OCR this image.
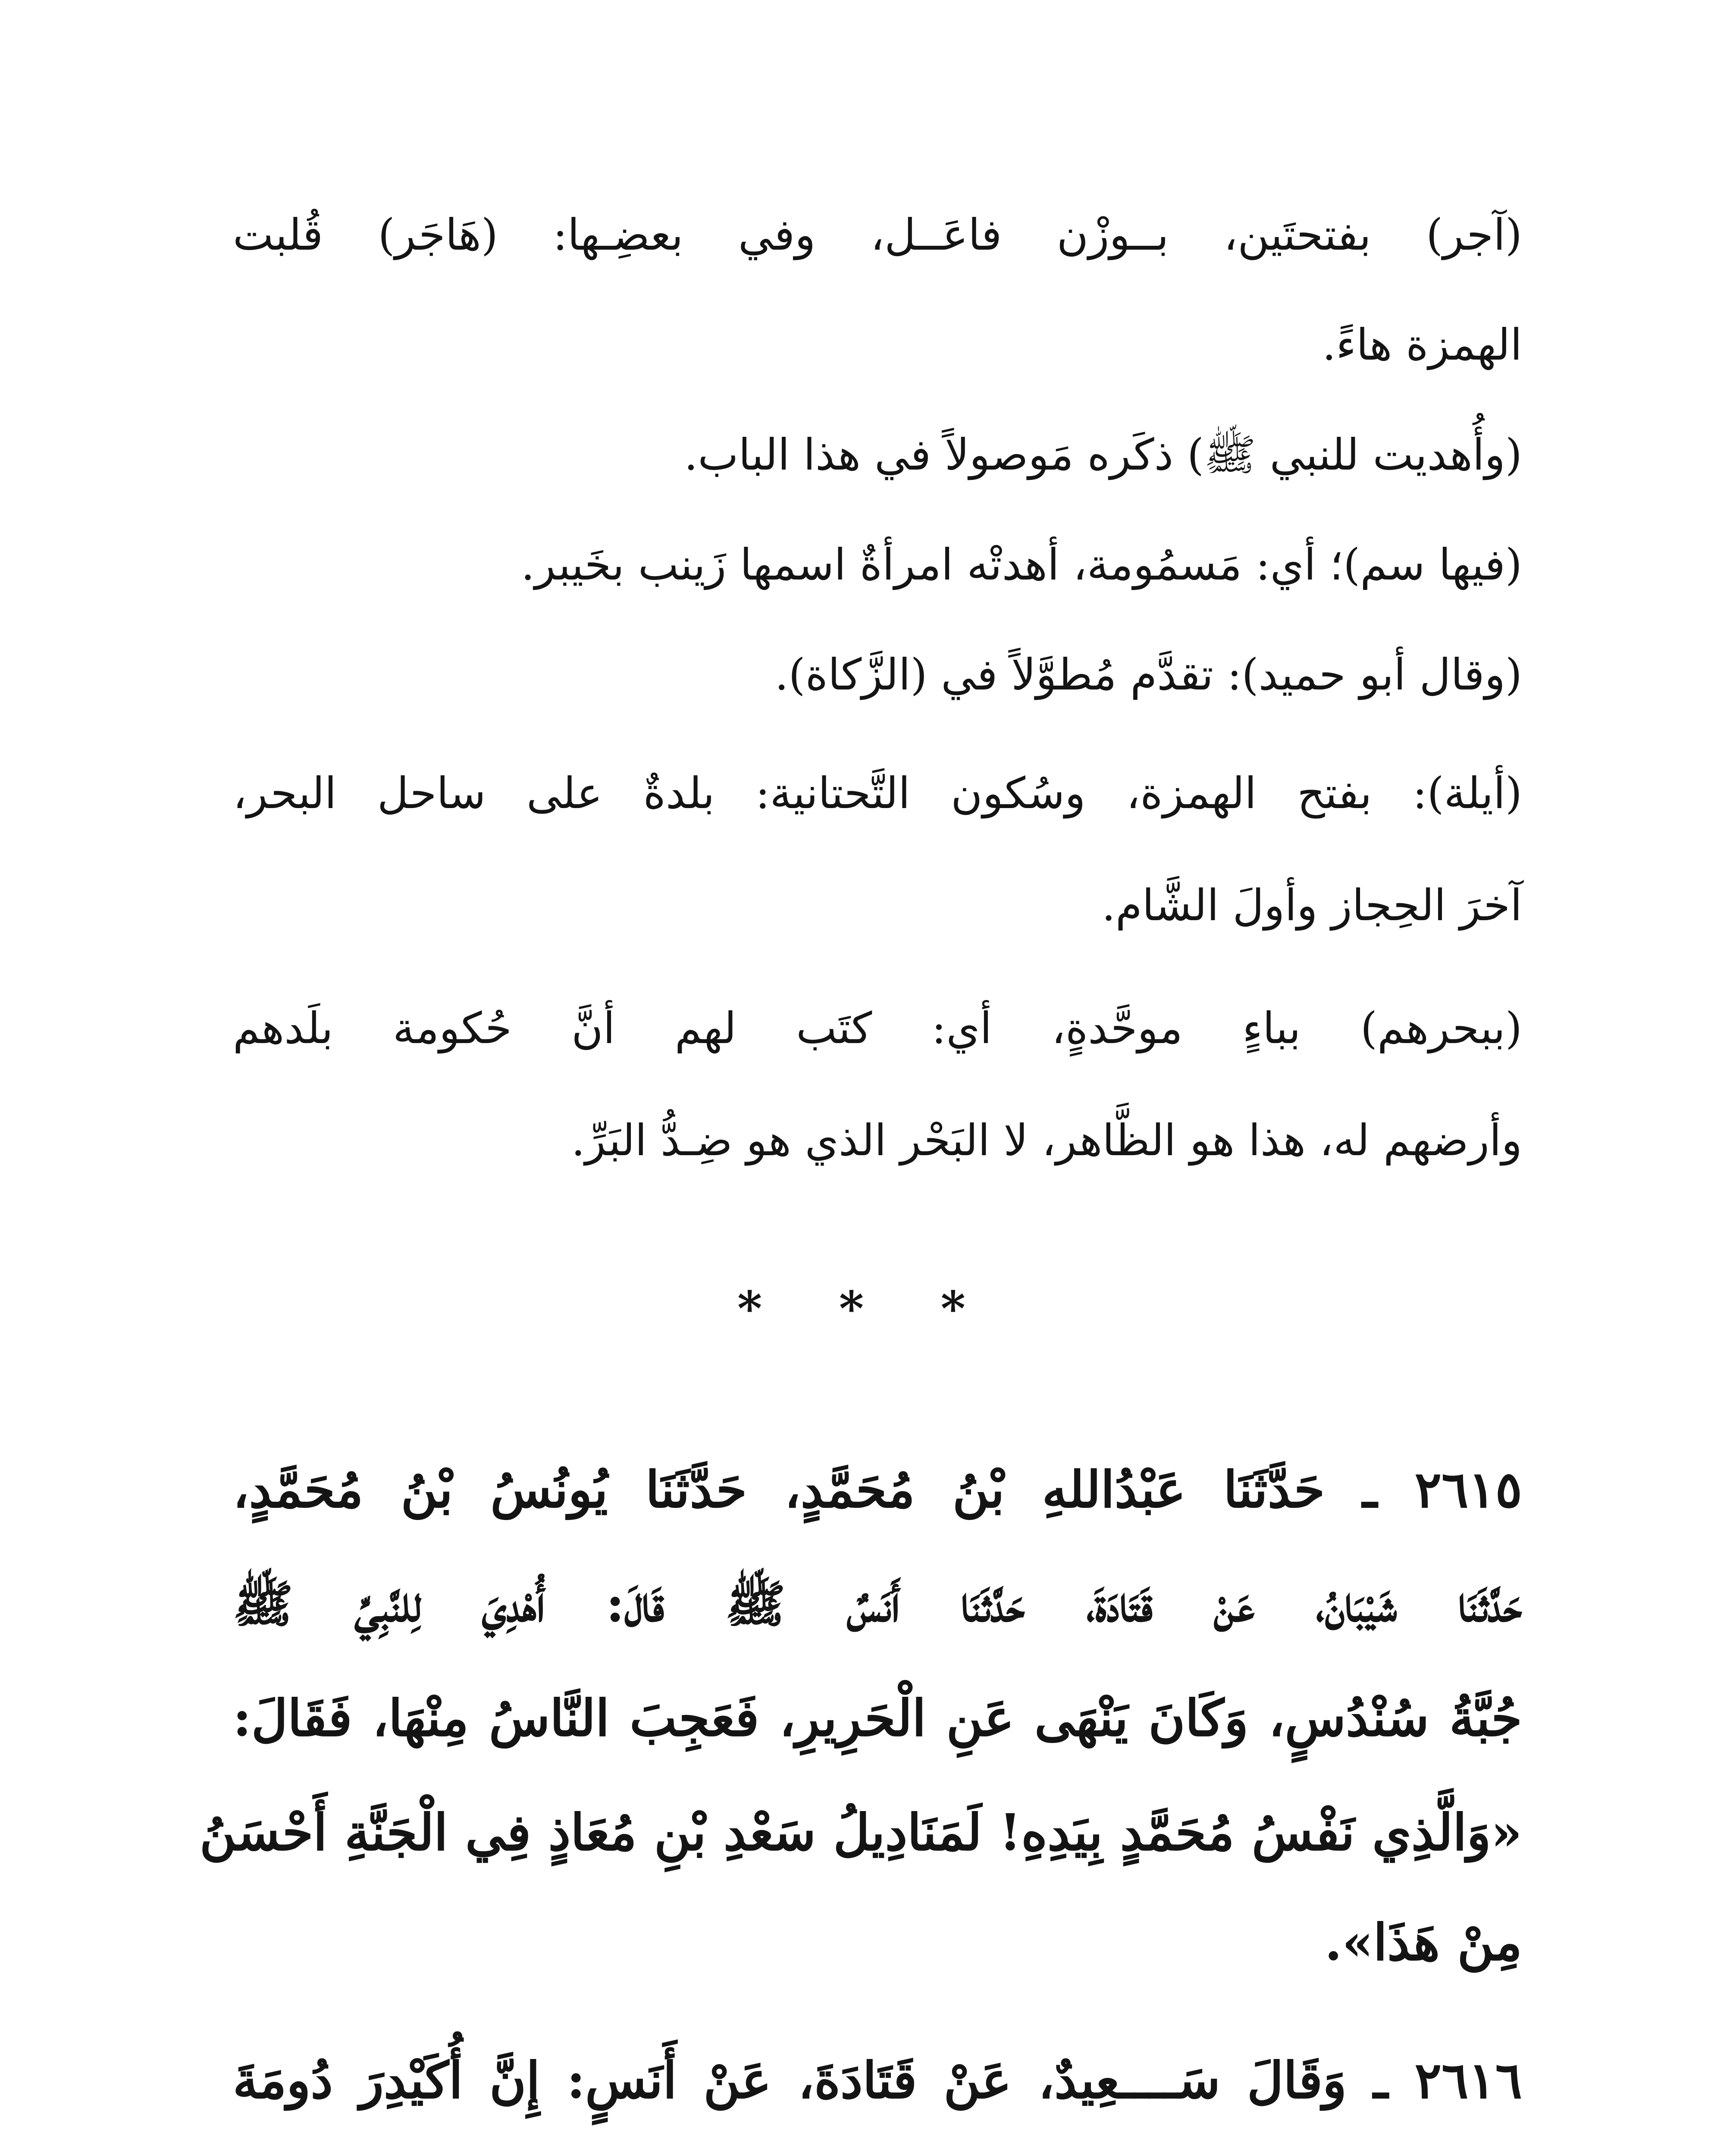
(آجر) بفتحتَين، بــوزْن فاعَــل، وفي بعضِـها: (هَاجَر) قُلبت
الهمزة هاءً.
(وأُهديت للنبي ﷺ) ذكَره مَوصولاً في هذا الباب.
(فيها سم)؛ أي: مَسمُومة، أهدتْه امرأةٌ اسمها زَينب بخَيبر.
(وقال أبو حميد): تقدَّم مُطوَّلاً في (الزَّكاة).
(أيلة): بفتح الهمزة، وسُكون التَّحتانية: بلدةٌ على ساحل البحر،
آخرَ الحِجاز وأولَ الشَّام.
(ببحرهم) بباءٍ موحَّدةٍ، أي: كتَب لهم أنَّ حُكومة بلَدهم
وأرضهم له، هذا هو الظَّاهر، لا البَحْر الذي هو ضِـدُّ البَرِّ.
* * *
٢٦١٥ ـ حَدَّثَنَا عَبْدُاللهِ بْنُ مُحَمَّدٍ، حَدَّثَنَا يُونُسُ بْنُ مُحَمَّدٍ،
حَدَّثَنَا شَيْبَانُ، عَنْ قَتَادَةَ، حَدَّثَنَا أَنَسٌ ﷺ قَالَ: أُهْدِيَ لِلنَّبِيِّ ﷺ
جُبَّةُ سُنْدُسٍ، وَكَانَ يَنْهَى عَنِ الْحَرِيرِ، فَعَجِبَ النَّاسُ مِنْهَا، فَقَالَ:
«وَالَّذِي نَفْسُ مُحَمَّدٍ بِيَدِهِ! لَمَنَادِيلُ سَعْدِ بْنِ مُعَاذٍ فِي الْجَنَّةِ أَحْسَنُ
مِنْ هَذَا».
٢٦١٦ ـ وَقَالَ سَــــعِيدٌ، عَنْ قَتَادَةَ، عَنْ أَنَسٍ: إِنَّ أُكَيْدِرَ دُومَةَ
